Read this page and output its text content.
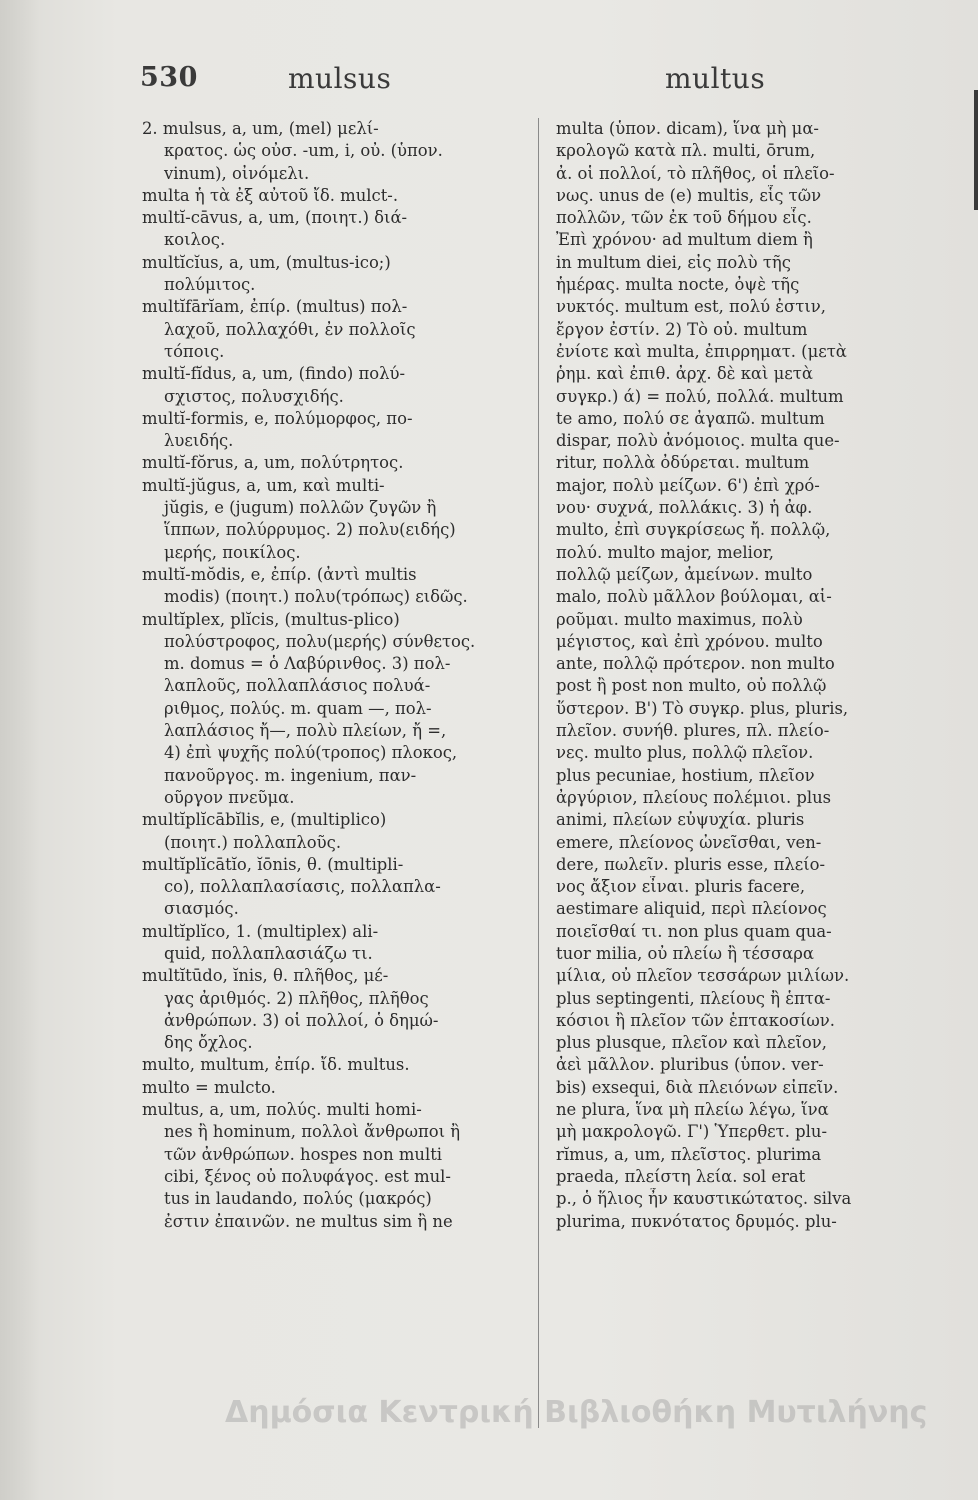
530	mulsus	multus
2. mulsus, a, um, (mel) μελί-
κρατος. ὡς οὐσ. -um, i, οὐ. (ὑπον.
vinum), οἰνόμελι.
multa ἡ τὰ ἐξ αὐτοῦ ἴδ. mulct-.
multĭ-cāvus, a, um, (ποιητ.) διά-
κοιλος.
multĭcĭus, a, um, (multus-ico;)
πολύμιτος.
multĭfārĭam, ἐπίρ. (multus) πολ-
λαχοῦ, πολλαχόθι, ἐν πολλοῖς
τόποις.
multĭ-fĭdus, a, um, (findo) πολύ-
σχιστος, πολυσχιδής.
multĭ-formis, e, πολύμορφος, πο-
λυειδής.
multĭ-fŏrus, a, um, πολύτρητος.
multĭ-jŭgus, a, um, καὶ multi-
jŭgis, e (jugum) πολλῶν ζυγῶν ἢ
ἵππων, πολύρρυμος. 2) πολυ(ειδής)
μερής, ποικίλος.
multĭ-mŏdis, e, ἐπίρ. (ἀντὶ multis
modis) (ποιητ.) πολυ(τρόπως) ειδῶς.
multĭplex, plĭcis, (multus-plico)
πολύστροφος, πολυ(μερής) σύνθετος.
m. domus = ὁ Λαβύρινθος. 3) πολ-
λαπλοῦς, πολλαπλάσιος πολυά-
ριθμος, πολύς. m. quam —, πολ-
λαπλάσιος ἤ—, πολὺ πλείων, ἤ =,
4) ἐπὶ ψυχῆς πολύ(τροπος) πλοκος,
πανοῦργος. m. ingenium, παν-
οῦργον πνεῦμα.
multĭplĭcābĭlis, e, (multiplico)
(ποιητ.) πολλαπλοῦς.
multĭplĭcātĭo, ĭōnis, θ. (multipli-
co), πολλαπλασίασις, πολλαπλα-
σιασμός.
multĭplĭco, 1. (multiplex) ali-
quid, πολλαπλασιάζω τι.
multĭtūdo, ĭnis, θ. πλῆθος, μέ-
γας ἀριθμός. 2) πλῆθος, πλῆθος
ἀνθρώπων. 3) οἱ πολλοί, ὁ δημώ-
δης ὄχλος.
multo, multum, ἐπίρ. ἴδ. multus.
multo = mulcto.
multus, a, um, πολύς. multi homi-
nes ἢ hominum, πολλοὶ ἄνθρωποι ἢ
τῶν ἀνθρώπων. hospes non multi
cibi, ξένος οὐ πολυφάγος. est mul-
tus in laudando, πολύς (μακρός)
ἐστιν ἐπαινῶν. ne multus sim ἢ ne
multa (ὑπον. dicam), ἵνα μὴ μα-
κρολογῶ κατὰ πλ. multi, ōrum,
ἀ. οἱ πολλοί, τὸ πλῆθος, οἱ πλεῖο-
νως. unus de (e) multis, εἷς τῶν
πολλῶν, τῶν ἐκ τοῦ δήμου εἷς.
Ἐπὶ χρόνου· ad multum diem ἢ
in multum diei, εἰς πολὺ τῆς
ἡμέρας. multa nocte, ὀψὲ τῆς
νυκτός. multum est, πολύ ἐστιν,
ἔργον ἐστίν. 2) Τὸ οὐ. multum
ἐνίοτε καὶ multa, ἐπιρρηματ. (μετὰ
ῥημ. καὶ ἐπιθ. ἀρχ. δὲ καὶ μετὰ
συγκρ.) ά) = πολύ, πολλά. multum
te amo, πολύ σε ἀγαπῶ. multum
dispar, πολὺ ἀνόμοιος. multa que-
ritur, πολλὰ ὀδύρεται. multum
major, πολὺ μείζων. 6') ἐπὶ χρό-
νου· συχνά, πολλάκις. 3) ἡ ἀφ.
multo, ἐπὶ συγκρίσεως ἤ. πολλῷ,
πολύ. multo major, melior,
πολλῷ μείζων, ἀμείνων. multo
malo, πολὺ μᾶλλον βούλομαι, αἱ-
ροῦμαι. multo maximus, πολὺ
μέγιστος, καὶ ἐπὶ χρόνου. multo
ante, πολλῷ πρότερον. non multo
post ἢ post non multo, οὐ πολλῷ
ὕστερον. Β') Τὸ συγκρ. plus, pluris,
πλεῖον. συνήθ. plures, πλ. πλείο-
νες. multo plus, πολλῷ πλεῖον.
plus pecuniae, hostium, πλεῖον
ἀργύριον, πλείους πολέμιοι. plus
animi, πλείων εὐψυχία. pluris
emere, πλείονος ὠνεῖσθαι, ven-
dere, πωλεῖν. pluris esse, πλείο-
νος ἄξιον εἶναι. pluris facere,
aestimare aliquid, περὶ πλείονος
ποιεῖσθαί τι. non plus quam qua-
tuor milia, οὐ πλείω ἢ τέσσαρα
μίλια, οὐ πλεῖον τεσσάρων μιλίων.
plus septingenti, πλείους ἢ ἑπτα-
κόσιοι ἢ πλεῖον τῶν ἑπτακοσίων.
plus plusque, πλεῖον καὶ πλεῖον,
ἀεὶ μᾶλλον. pluribus (ὑπον. ver-
bis) exsequi, διὰ πλειόνων εἰπεῖν.
ne plura, ἵνα μὴ πλείω λέγω, ἵνα
μὴ μακρολογῶ. Γ') Ὑπερθετ. plu-
rĭmus, a, um, πλεῖστος. plurima
praeda, πλείστη λεία. sol erat
p., ὁ ἥλιος ἦν καυστικώτατος. silva
plurima, πυκνότατος δρυμός. plu-
Δημόσια Κεντρική Βιβλιοθήκη Μυτιλήνης
